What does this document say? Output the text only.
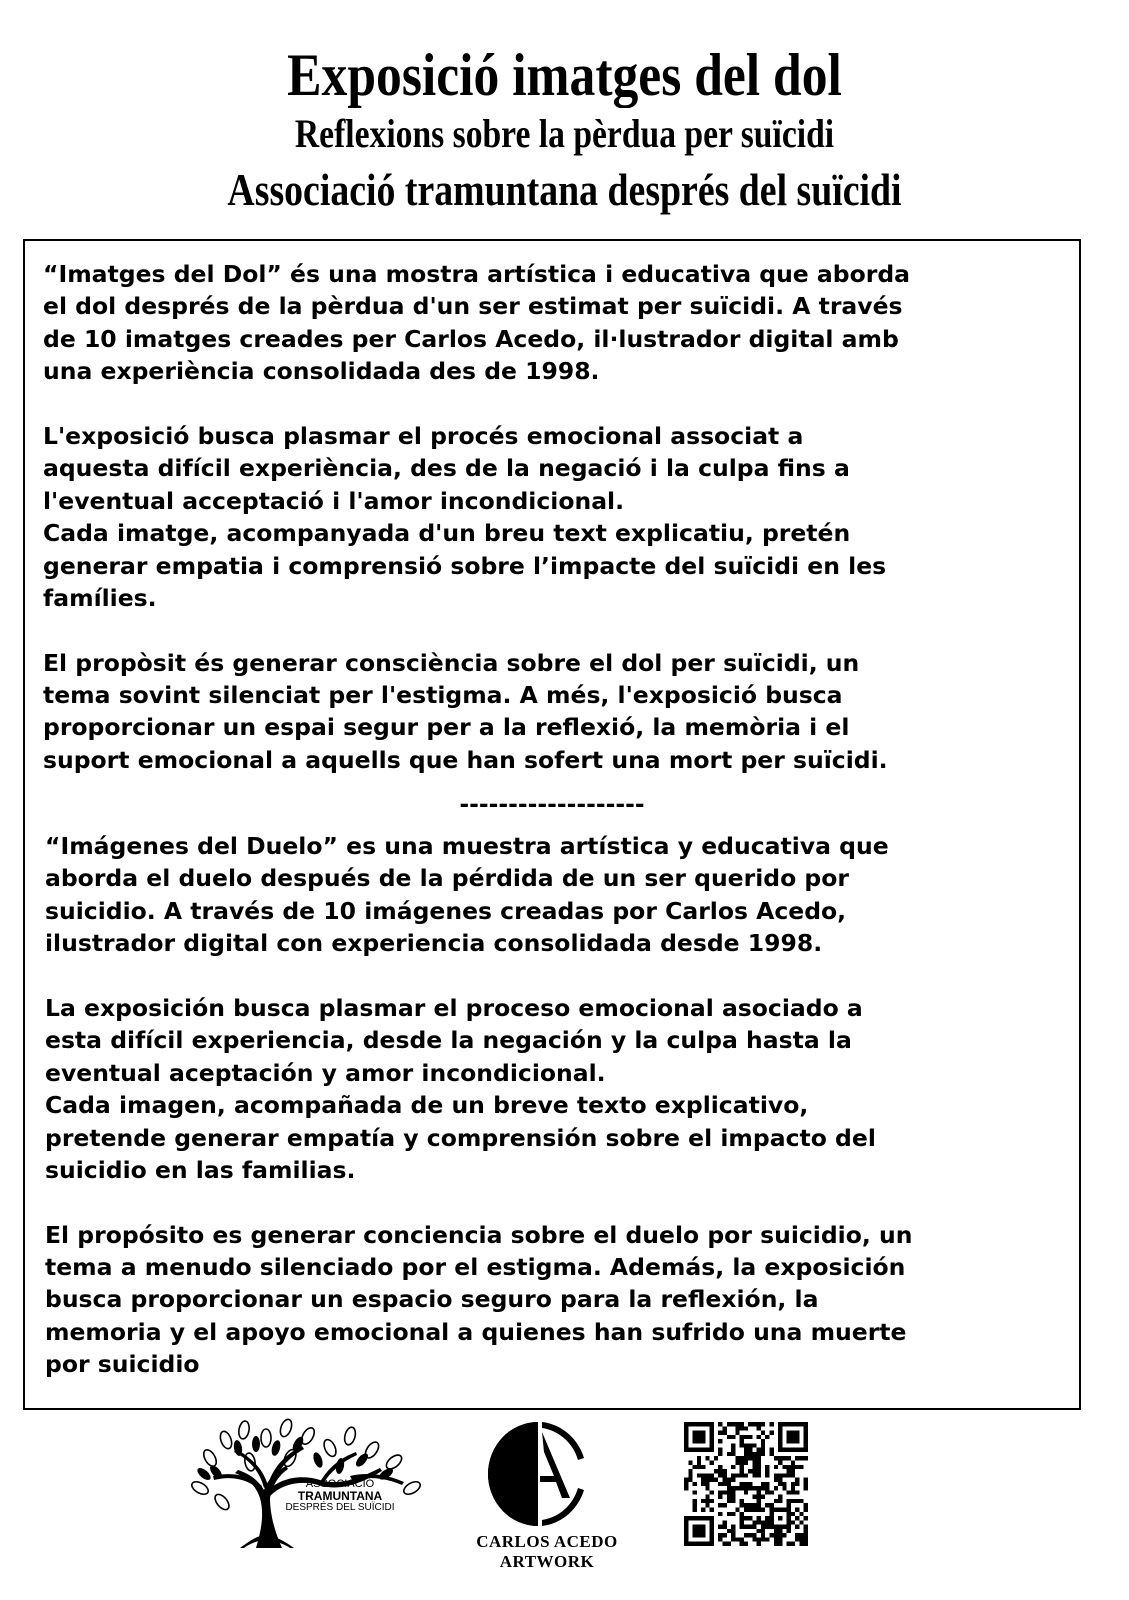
Exposició imatges del dol
Reflexions sobre la pèrdua per suïcidi
Associació tramuntana després del suïcidi
“Imatges del Dol” és una mostra artística i educativa que aborda
el dol després de la pèrdua d'un ser estimat per suïcidi. A través
de 10 imatges creades per Carlos Acedo, il·lustrador digital amb
una experiència consolidada des de 1998.
L'exposició busca plasmar el procés emocional associat a
aquesta difícil experiència, des de la negació i la culpa fins a
l'eventual acceptació i l'amor incondicional.
Cada imatge, acompanyada d'un breu text explicatiu, pretén
generar empatia i comprensió sobre l’impacte del suïcidi en les
famílies.
El propòsit és generar consciència sobre el dol per suïcidi, un
tema sovint silenciat per l'estigma. A més, l'exposició busca
proporcionar un espai segur per a la reflexió, la memòria i el
suport emocional a aquells que han sofert una mort per suïcidi.
-------------------
“Imágenes del Duelo” es una muestra artística y educativa que
aborda el duelo después de la pérdida de un ser querido por
suicidio. A través de 10 imágenes creadas por Carlos Acedo,
ilustrador digital con experiencia consolidada desde 1998.
La exposición busca plasmar el proceso emocional asociado a
esta difícil experiencia, desde la negación y la culpa hasta la
eventual aceptación y amor incondicional.
Cada imagen, acompañada de un breve texto explicativo,
pretende generar empatía y comprensión sobre el impacto del
suicidio en las familias.
El propósito es generar conciencia sobre el duelo por suicidio, un
tema a menudo silenciado por el estigma. Además, la exposición
busca proporcionar un espacio seguro para la reflexión, la
memoria y el apoyo emocional a quienes han sufrido una muerte
por suicidio
ASSOCIACIÓ
TRAMUNTANA
DESPRÉS DEL SUÏCIDI
CARLOS ACEDO
ARTWORK
